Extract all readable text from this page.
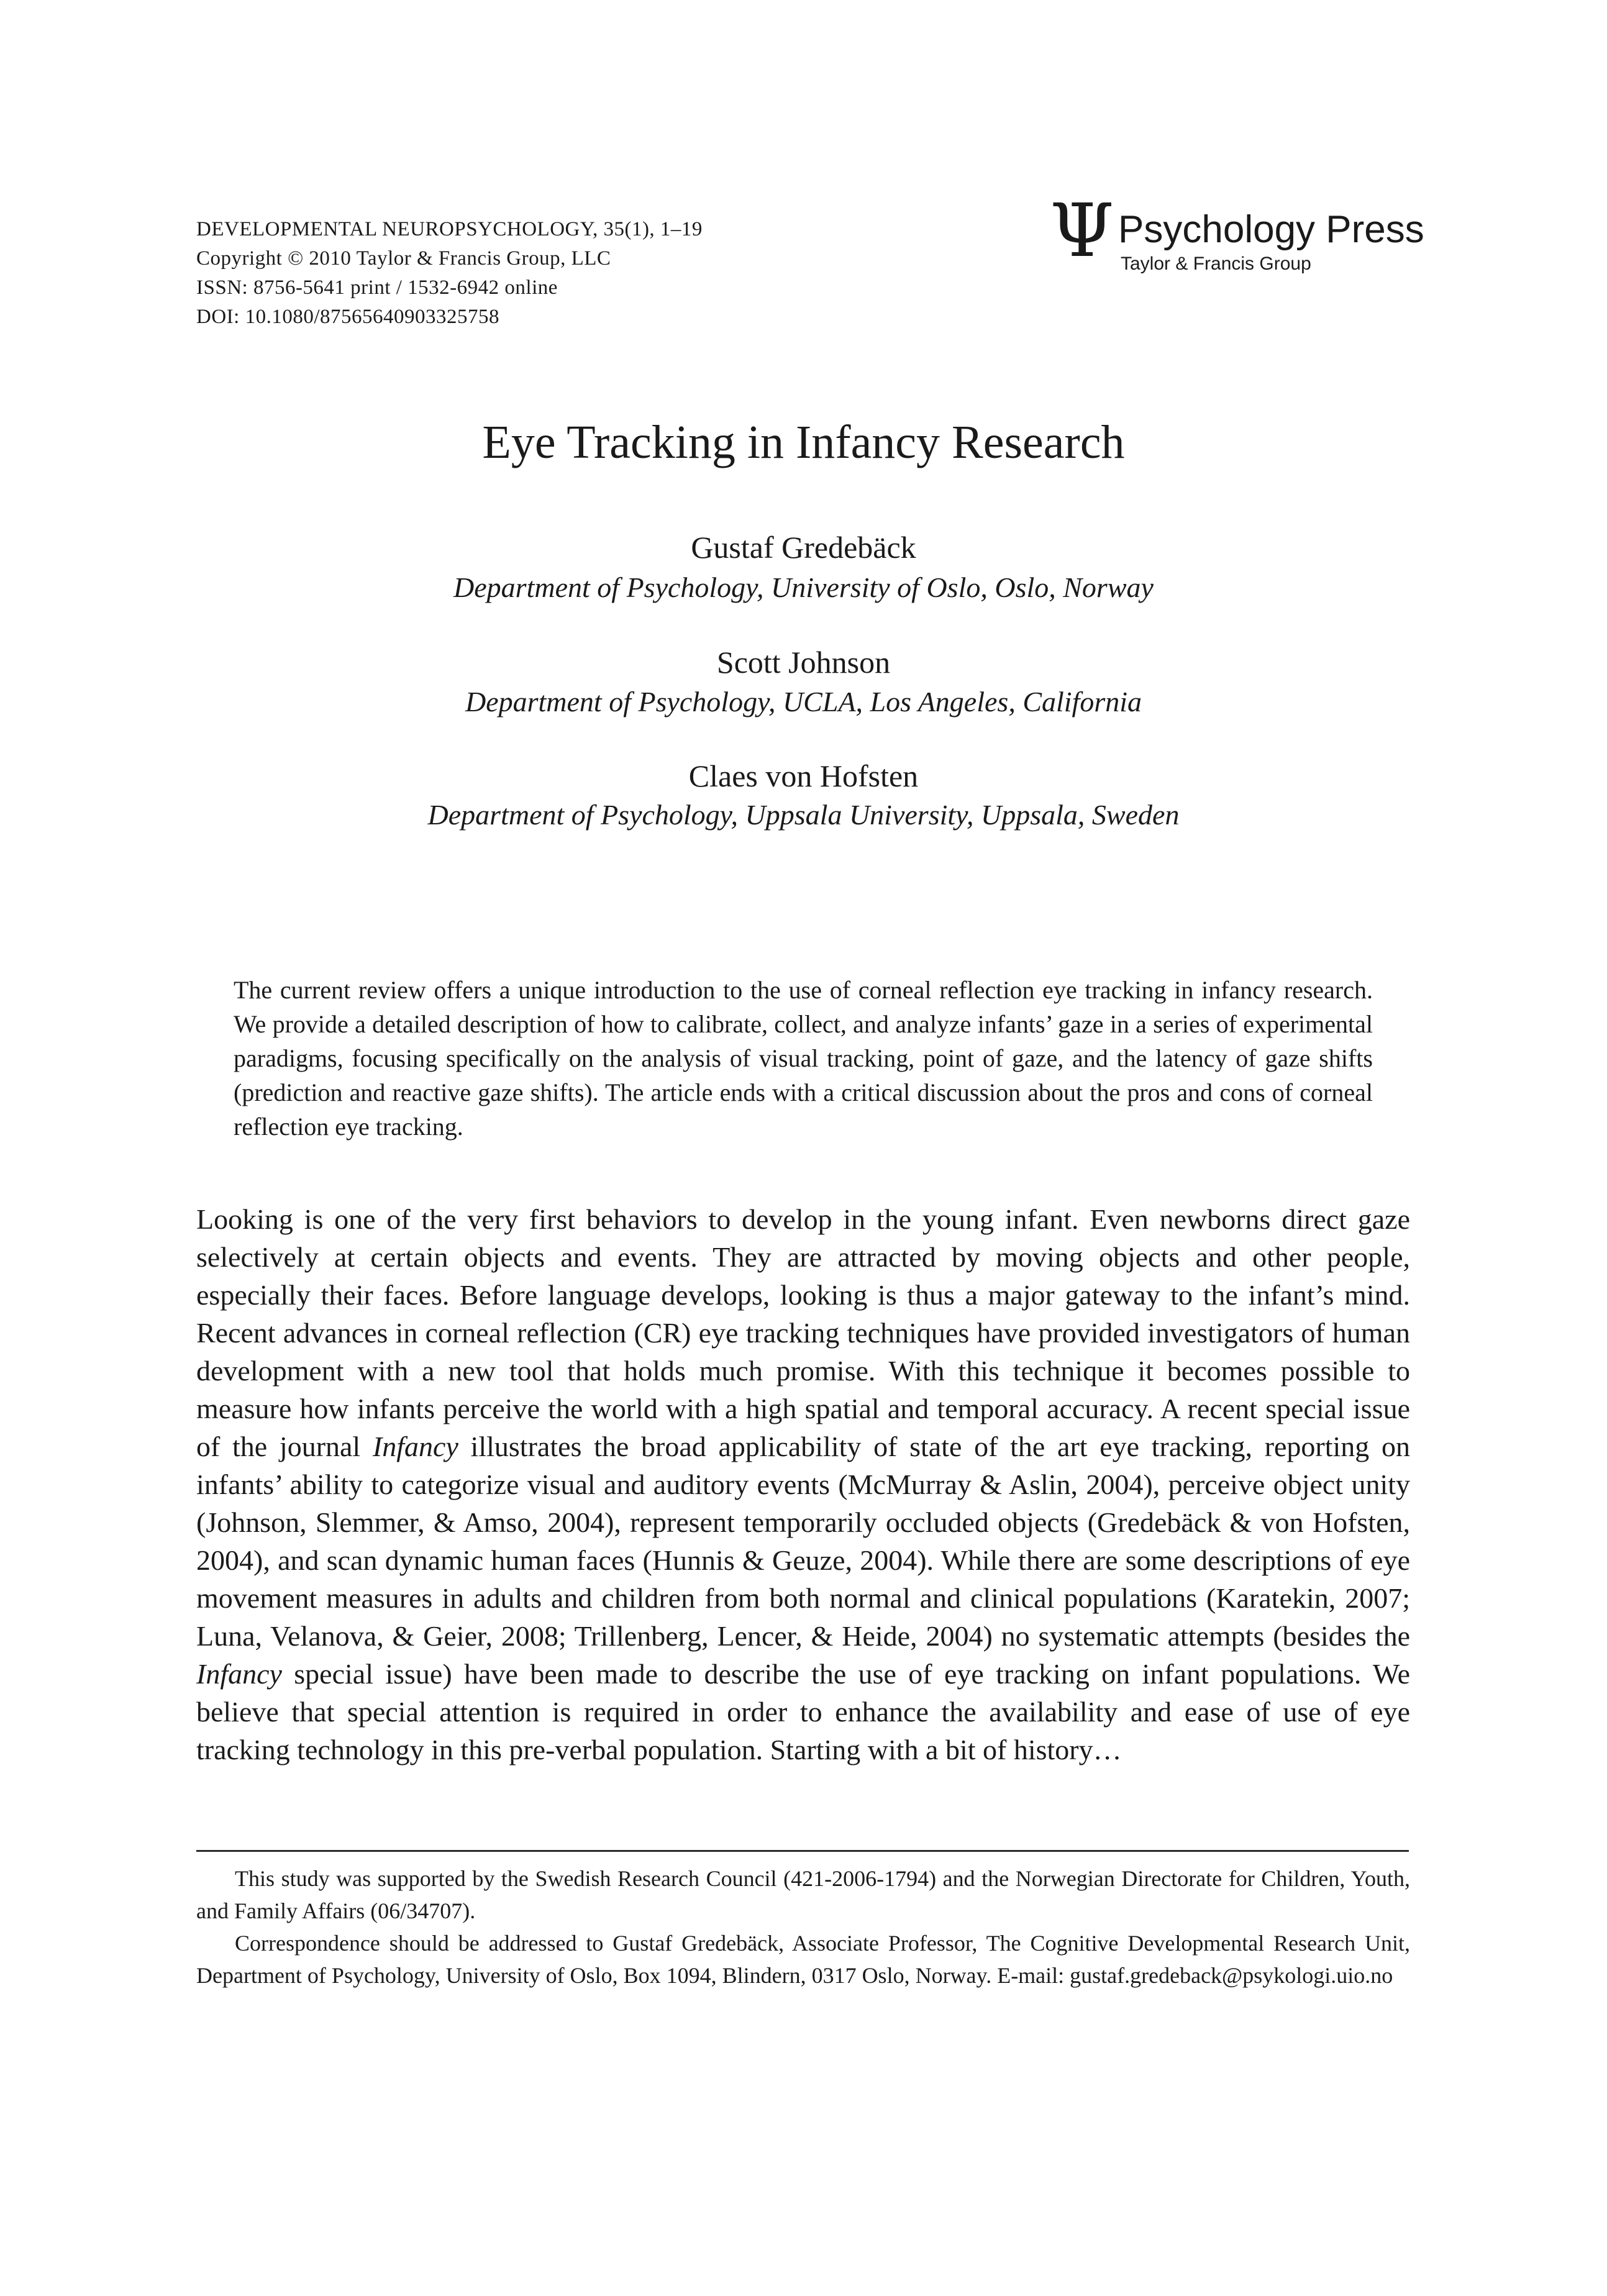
DEVELOPMENTAL NEUROPSYCHOLOGY, 35(1), 1–19
Copyright © 2010 Taylor & Francis Group, LLC
ISSN: 8756-5641 print / 1532-6942 online
DOI: 10.1080/87565640903325758
Ψ Psychology Press
Taylor & Francis Group
Eye Tracking in Infancy Research
Gustaf Gredebäck
Department of Psychology, University of Oslo, Oslo, Norway
Scott Johnson
Department of Psychology, UCLA, Los Angeles, California
Claes von Hofsten
Department of Psychology, Uppsala University, Uppsala, Sweden
The current review offers a unique introduction to the use of corneal reflection eye tracking in infancy research. We provide a detailed description of how to calibrate, collect, and analyze infants’ gaze in a series of experimental paradigms, focusing specifically on the analysis of visual tracking, point of gaze, and the latency of gaze shifts (prediction and reactive gaze shifts). The article ends with a critical discussion about the pros and cons of corneal reflection eye tracking.
Looking is one of the very first behaviors to develop in the young infant. Even newborns direct gaze selectively at certain objects and events. They are attracted by moving objects and other people, especially their faces. Before language develops, looking is thus a major gateway to the infant’s mind. Recent advances in corneal reflection (CR) eye tracking techniques have provided investigators of human development with a new tool that holds much promise. With this technique it becomes possible to measure how infants perceive the world with a high spatial and temporal accuracy. A recent special issue of the journal Infancy illustrates the broad applicability of state of the art eye tracking, reporting on infants’ ability to categorize visual and auditory events (McMurray & Aslin, 2004), perceive object unity (Johnson, Slemmer, & Amso, 2004), represent temporarily occluded objects (Gredebäck & von Hofsten, 2004), and scan dynamic human faces (Hunnis & Geuze, 2004). While there are some descriptions of eye movement measures in adults and children from both normal and clinical populations (Karatekin, 2007; Luna, Velanova, & Geier, 2008; Trillenberg, Lencer, & Heide, 2004) no systematic attempts (besides the Infancy special issue) have been made to describe the use of eye tracking on infant populations. We believe that special attention is required in order to enhance the availability and ease of use of eye tracking technology in this pre-verbal population. Starting with a bit of history…

This study was supported by the Swedish Research Council (421-2006-1794) and the Norwegian Directorate for Children, Youth, and Family Affairs (06/34707).

Correspondence should be addressed to Gustaf Gredebäck, Associate Professor, The Cognitive Developmental Research Unit, Department of Psychology, University of Oslo, Box 1094, Blindern, 0317 Oslo, Norway. E-mail: gustaf.gredeback@psykologi.uio.no
